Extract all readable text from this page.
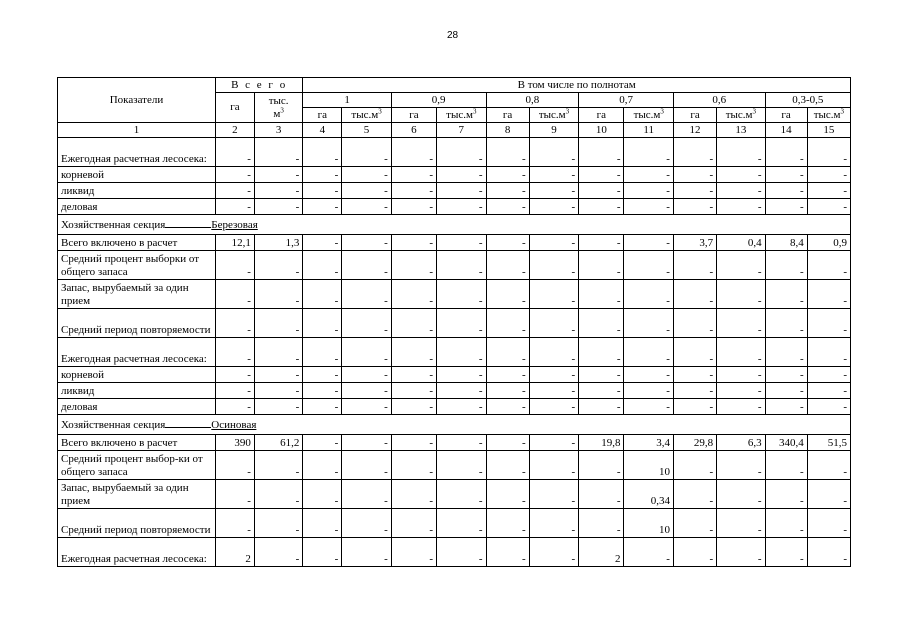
28
Показатели	В с е г о		В том числе по полнотам											
	га	тыс.
$м^3$	1		0,9		0,8		0,7		0,6		0,3-0,5	
			га	$тыс.м^3$	га	$тыс.м^3$	га	$тыс.м^3$	га	$тыс.м^3$	га	$тыс.м^3$	га	$тыс.м^3$
1	2	3	4	5	6	7	8	9	10	11	12	13	14	15
Ежегодная расчетная лесосека:	-	-	-	-	-	-	-	-	-	-	-	-	-	-
корневой	-	-	-	-	-	-	-	-	-	-	-	-	-	-
ликвид	-	-	-	-	-	-	-	-	-	-	-	-	-	-
деловая	-	-	-	-	-	-	-	-	-	-	-	-	-	-
Хозяйственная секция Березовая														
Всего включено в расчет	12,1	1,3	-	-	-	-	-	-	-	-	3,7	0,4	8,4	0,9
Средний процент выборки от общего запаса	-	-	-	-	-	-	-	-	-	-	-	-	-	-
Запас, вырубаемый за один прием	-	-	-	-	-	-	-	-	-	-	-	-	-	-
Средний период повторяемости	-	-	-	-	-	-	-	-	-	-	-	-	-	-
Ежегодная расчетная лесосека:	-	-	-	-	-	-	-	-	-	-	-	-	-	-
корневой	-	-	-	-	-	-	-	-	-	-	-	-	-	-
ликвид	-	-	-	-	-	-	-	-	-	-	-	-	-	-
деловая	-	-	-	-	-	-	-	-	-	-	-	-	-	-
Хозяйственная секция Осиновая														
Всего включено в расчет	390	61,2	-	-	-	-	-	-	19,8	3,4	29,8	6,3	340,4	51,5
Средний процент выбор-ки от общего запаса	-	-	-	-	-	-	-	-	-	10	-	-	-	-
Запас, вырубаемый за один прием	-	-	-	-	-	-	-	-	-	0,34	-	-	-	-
Средний период повторяемости	-	-	-	-	-	-	-	-	-	10	-	-	-	-
Ежегодная расчетная лесосека:	2	-	-	-	-	-	-	-	2	-	-	-	-	-
